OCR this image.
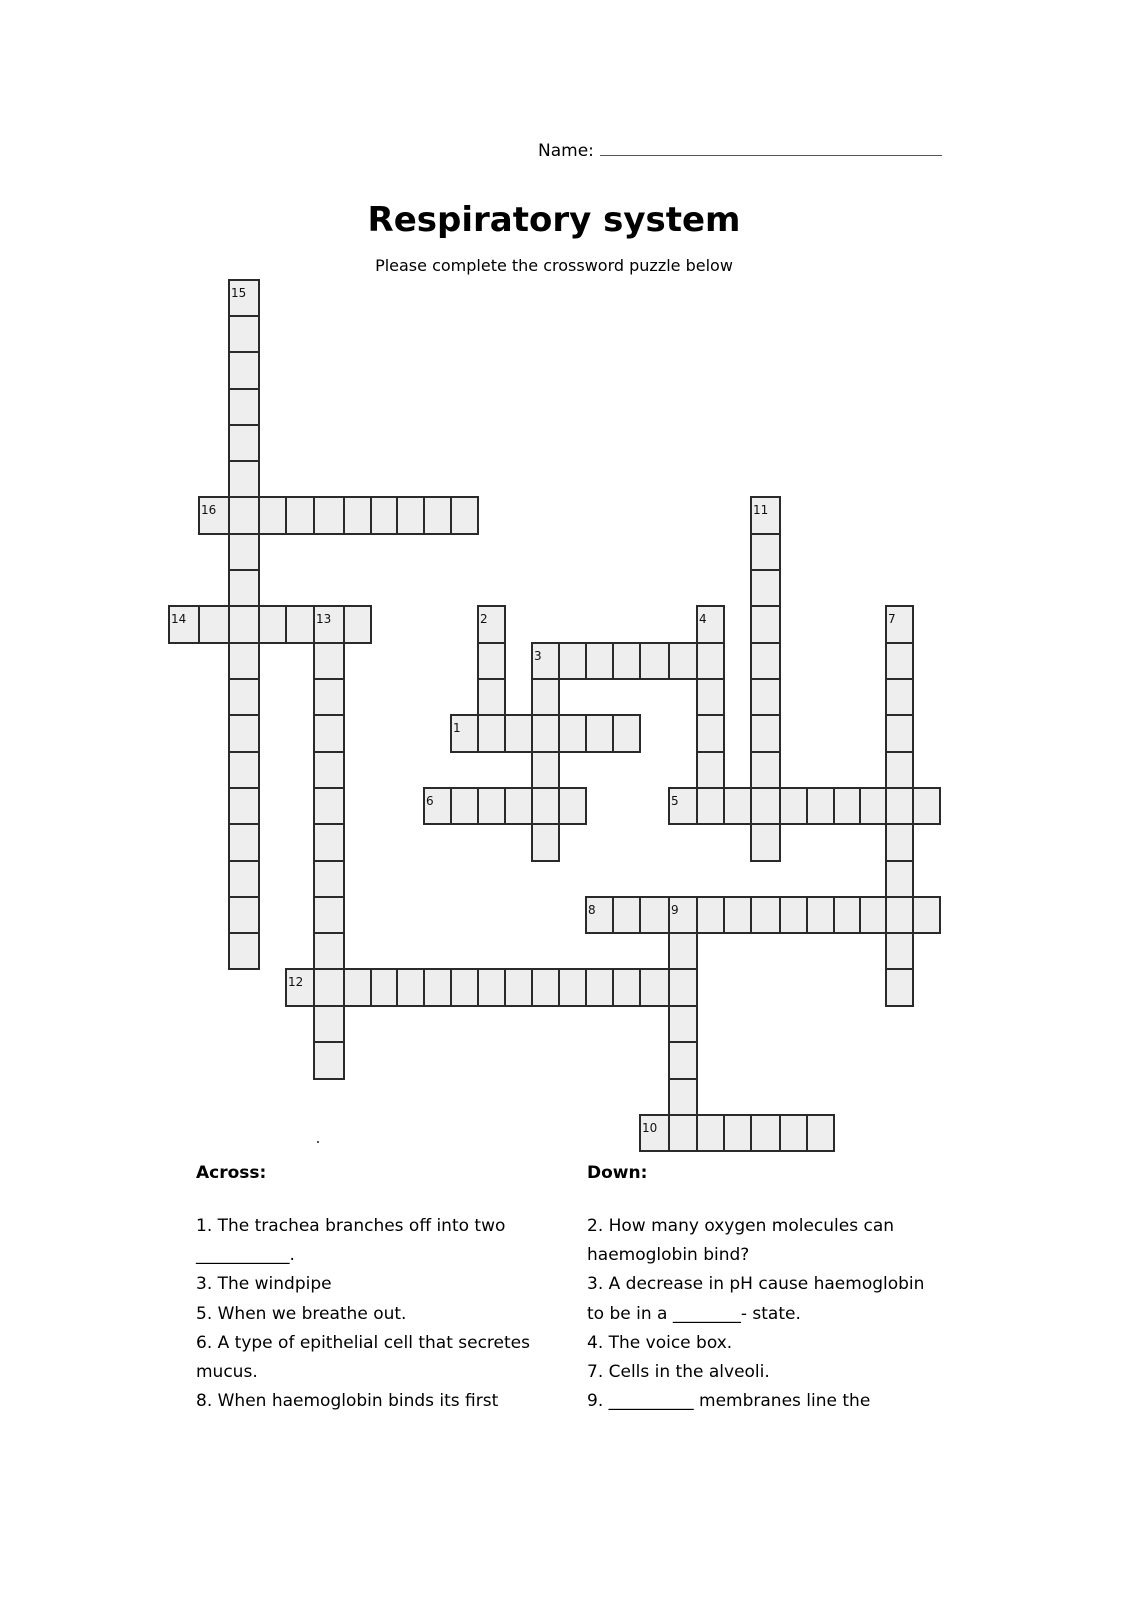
Name:
Respiratory system
Please complete the crossword puzzle below
1
3
5
6
8	9
10
12
14	13
16
2	4	7
11
15
Across:
1. The trachea branches off into two
___________.
3. The windpipe
5. When we breathe out.
6. A type of epithelial cell that secretes
mucus.
8. When haemoglobin binds its first
Down:
2. How many oxygen molecules can
haemoglobin bind?
3. A decrease in pH cause haemoglobin
to be in a ________- state.
4. The voice box.
7. Cells in the alveoli.
9. __________ membranes line the
